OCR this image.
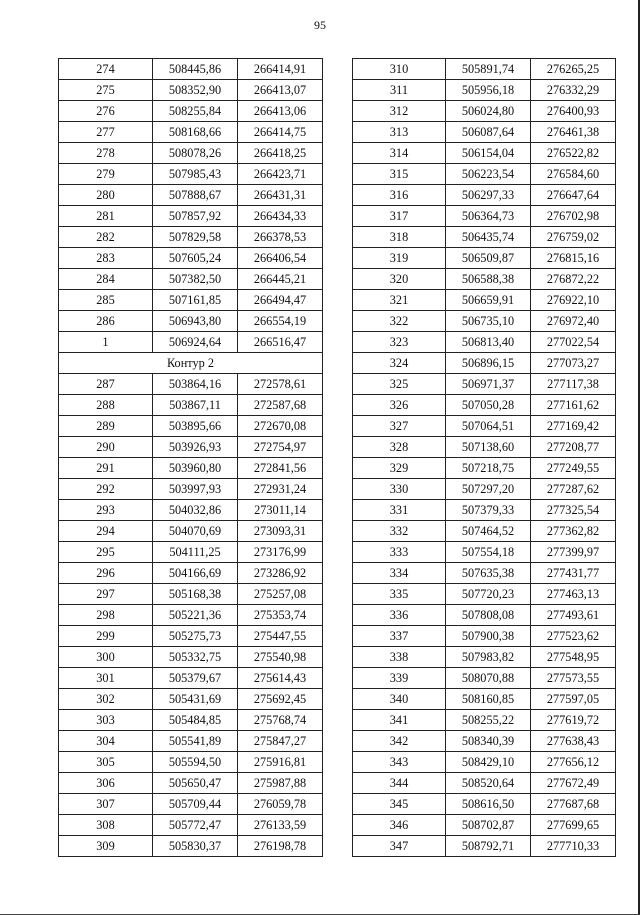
95
274	508445,86	266414,91
275	508352,90	266413,07
276	508255,84	266413,06
277	508168,66	266414,75
278	508078,26	266418,25
279	507985,43	266423,71
280	507888,67	266431,31
281	507857,92	266434,33
282	507829,58	266378,53
283	507605,24	266406,54
284	507382,50	266445,21
285	507161,85	266494,47
286	506943,80	266554,19
1	506924,64	266516,47
Контур 2		
287	503864,16	272578,61
288	503867,11	272587,68
289	503895,66	272670,08
290	503926,93	272754,97
291	503960,80	272841,56
292	503997,93	272931,24
293	504032,86	273011,14
294	504070,69	273093,31
295	504111,25	273176,99
296	504166,69	273286,92
297	505168,38	275257,08
298	505221,36	275353,74
299	505275,73	275447,55
300	505332,75	275540,98
301	505379,67	275614,43
302	505431,69	275692,45
303	505484,85	275768,74
304	505541,89	275847,27
305	505594,50	275916,81
306	505650,47	275987,88
307	505709,44	276059,78
308	505772,47	276133,59
309	505830,37	276198,78
310	505891,74	276265,25
311	505956,18	276332,29
312	506024,80	276400,93
313	506087,64	276461,38
314	506154,04	276522,82
315	506223,54	276584,60
316	506297,33	276647,64
317	506364,73	276702,98
318	506435,74	276759,02
319	506509,87	276815,16
320	506588,38	276872,22
321	506659,91	276922,10
322	506735,10	276972,40
323	506813,40	277022,54
324	506896,15	277073,27
325	506971,37	277117,38
326	507050,28	277161,62
327	507064,51	277169,42
328	507138,60	277208,77
329	507218,75	277249,55
330	507297,20	277287,62
331	507379,33	277325,54
332	507464,52	277362,82
333	507554,18	277399,97
334	507635,38	277431,77
335	507720,23	277463,13
336	507808,08	277493,61
337	507900,38	277523,62
338	507983,82	277548,95
339	508070,88	277573,55
340	508160,85	277597,05
341	508255,22	277619,72
342	508340,39	277638,43
343	508429,10	277656,12
344	508520,64	277672,49
345	508616,50	277687,68
346	508702,87	277699,65
347	508792,71	277710,33
